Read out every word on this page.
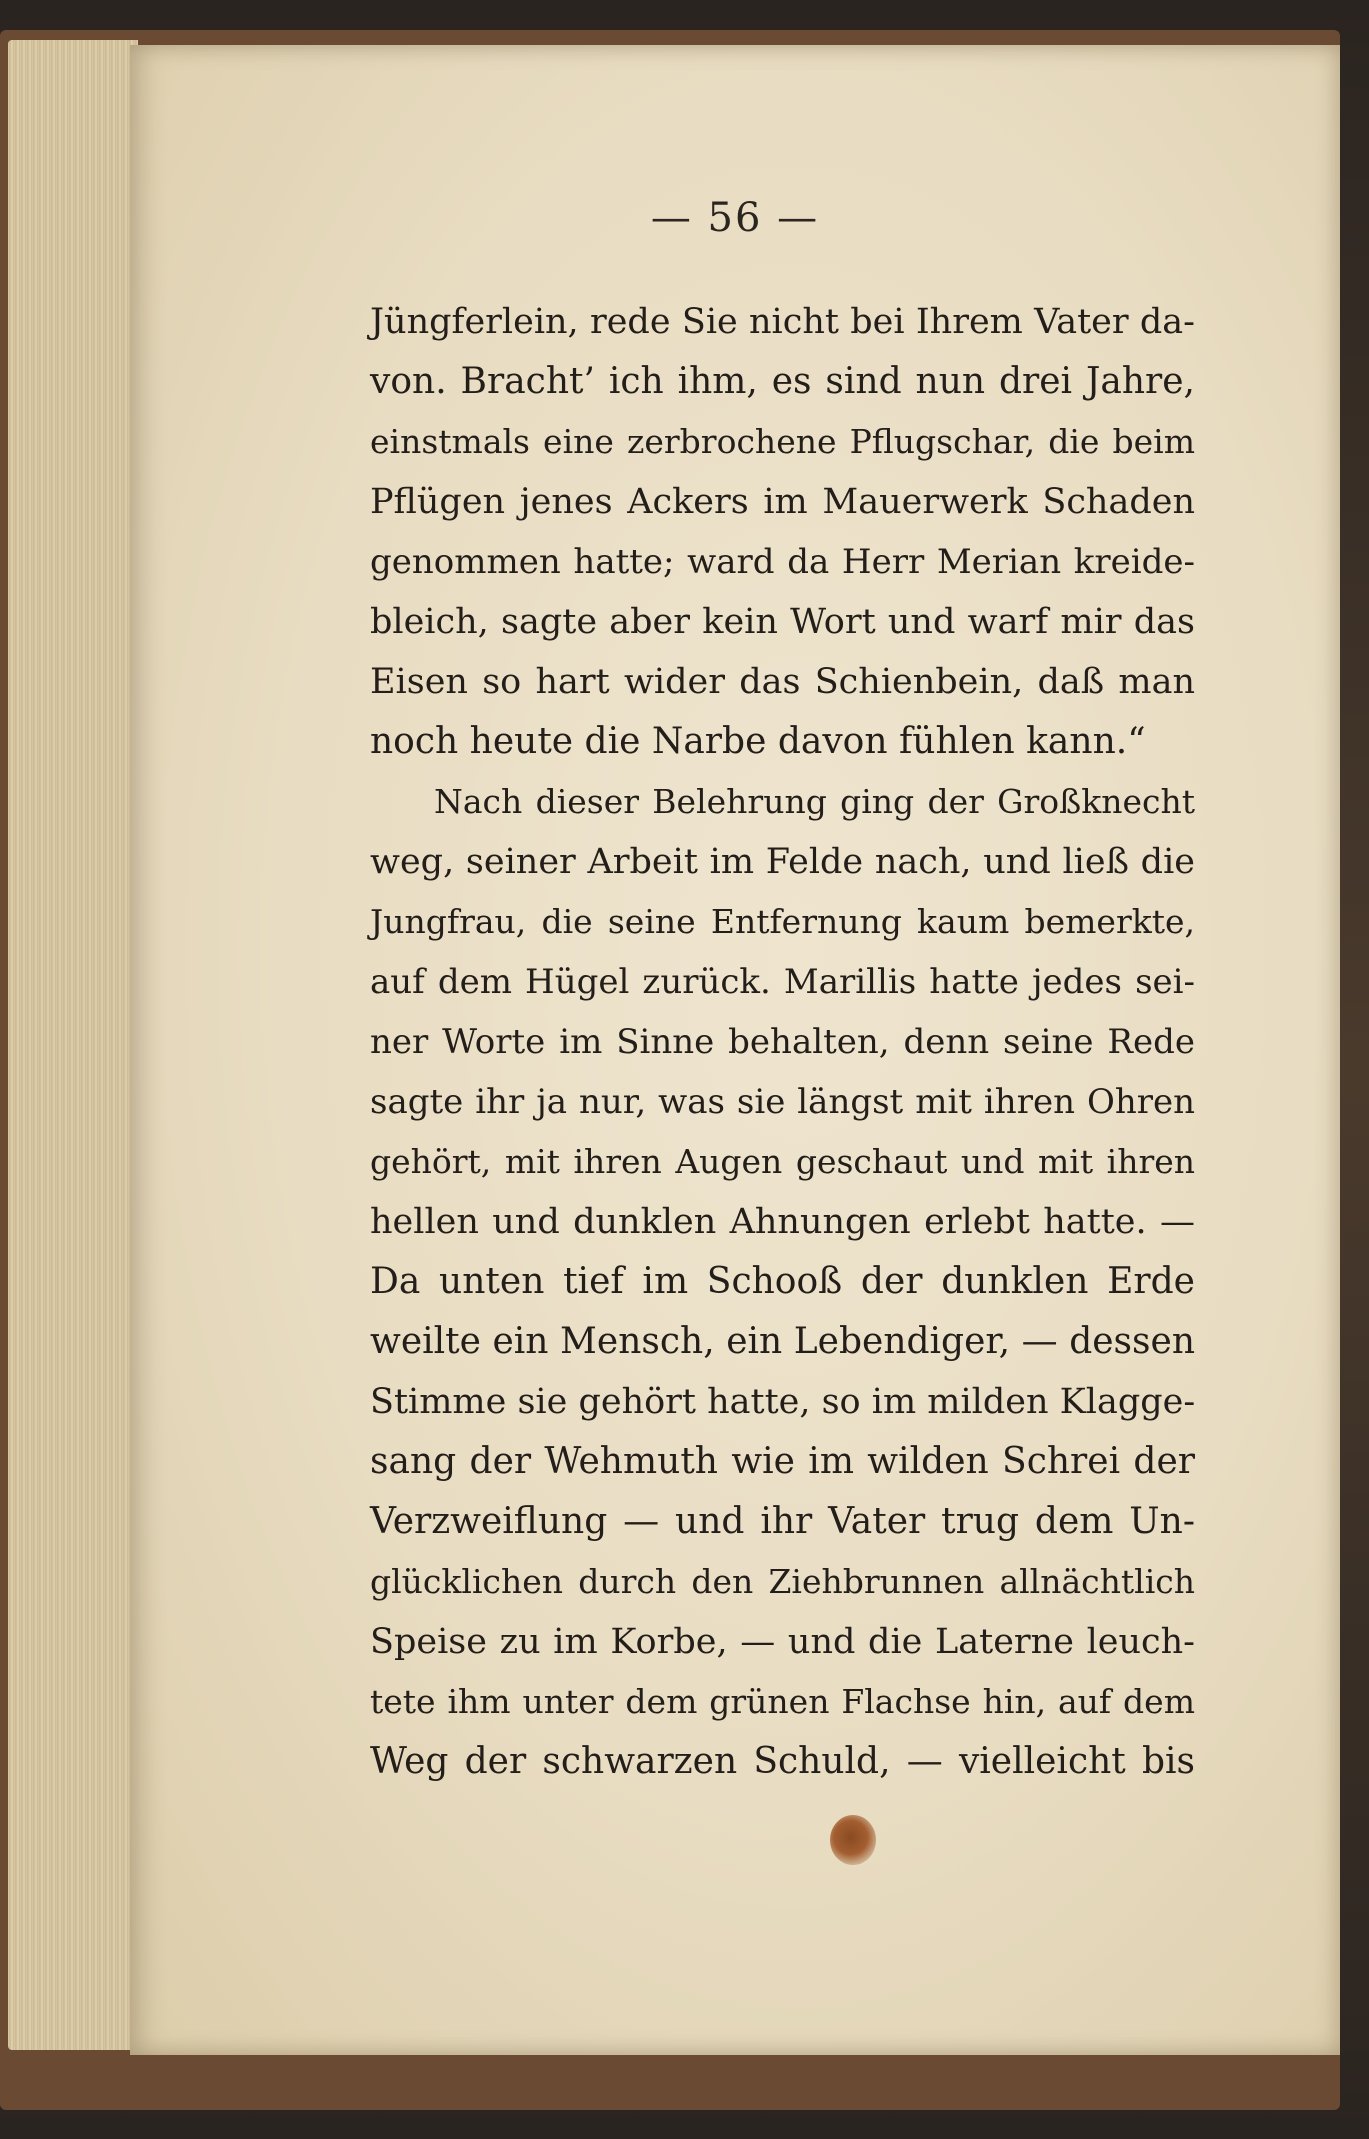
— 56 —
Jüngferlein, rede Sie nicht bei Ihrem Vater da-
von. Bracht’ ich ihm, es sind nun drei Jahre,
einstmals eine zerbrochene Pflugschar, die beim
Pflügen jenes Ackers im Mauerwerk Schaden
genommen hatte; ward da Herr Merian kreide-
bleich, sagte aber kein Wort und warf mir das
Eisen so hart wider das Schienbein, daß man
noch heute die Narbe davon fühlen kann.“
Nach dieser Belehrung ging der Großknecht
weg, seiner Arbeit im Felde nach, und ließ die
Jungfrau, die seine Entfernung kaum bemerkte,
auf dem Hügel zurück. Marillis hatte jedes sei-
ner Worte im Sinne behalten, denn seine Rede
sagte ihr ja nur, was sie längst mit ihren Ohren
gehört, mit ihren Augen geschaut und mit ihren
hellen und dunklen Ahnungen erlebt hatte. —
Da unten tief im Schooß der dunklen Erde
weilte ein Mensch, ein Lebendiger, — dessen
Stimme sie gehört hatte, so im milden Klagge-
sang der Wehmuth wie im wilden Schrei der
Verzweiflung — und ihr Vater trug dem Un-
glücklichen durch den Ziehbrunnen allnächtlich
Speise zu im Korbe, — und die Laterne leuch-
tete ihm unter dem grünen Flachse hin, auf dem
Weg der schwarzen Schuld, — vielleicht bis
